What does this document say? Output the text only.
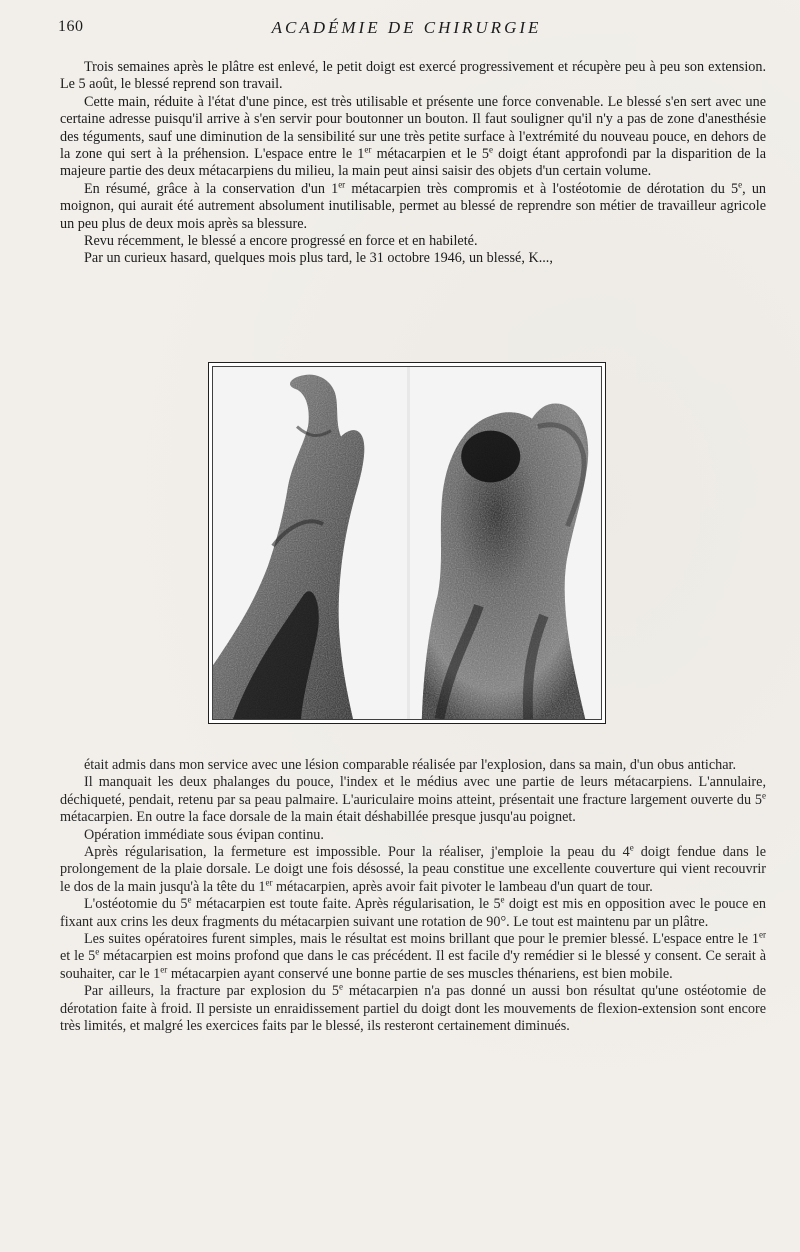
160	ACADÉMIE DE CHIRURGIE

Trois semaines après le plâtre est enlevé, le petit doigt est exercé progressivement et récupère peu à peu son extension. Le 5 août, le blessé reprend son travail.

Cette main, réduite à l'état d'une pince, est très utilisable et présente une force convenable. Le blessé s'en sert avec une certaine adresse puisqu'il arrive à s'en servir pour boutonner un bouton. Il faut souligner qu'il n'y a pas de zone d'anesthésie des téguments, sauf une diminution de la sensibilité sur une très petite surface à l'extrémité du nouveau pouce, en dehors de la zone qui sert à la préhension. L'espace entre le 1er métacarpien et le 5e doigt étant approfondi par la disparition de la majeure partie des deux métacarpiens du milieu, la main peut ainsi saisir des objets d'un certain volume.

En résumé, grâce à la conservation d'un 1er métacarpien très compromis et à l'ostéotomie de dérotation du 5e, un moignon, qui aurait été autrement absolument inutilisable, permet au blessé de reprendre son métier de travailleur agricole un peu plus de deux mois après sa blessure.

Revu récemment, le blessé a encore progressé en force et en habileté.

Par un curieux hasard, quelques mois plus tard, le 31 octobre 1946, un blessé, K...,

était admis dans mon service avec une lésion comparable réalisée par l'explosion, dans sa main, d'un obus antichar.

Il manquait les deux phalanges du pouce, l'index et le médius avec une partie de leurs métacarpiens. L'annulaire, déchiqueté, pendait, retenu par sa peau palmaire. L'auriculaire moins atteint, présentait une fracture largement ouverte du 5e métacarpien. En outre la face dorsale de la main était déshabillée presque jusqu'au poignet.

Opération immédiate sous évipan continu.

Après régularisation, la fermeture est impossible. Pour la réaliser, j'emploie la peau du 4e doigt fendue dans le prolongement de la plaie dorsale. Le doigt une fois désossé, la peau constitue une excellente couverture qui vient recouvrir le dos de la main jusqu'à la tête du 1er métacarpien, après avoir fait pivoter le lambeau d'un quart de tour.

L'ostéotomie du 5e métacarpien est toute faite. Après régularisation, le 5e doigt est mis en opposition avec le pouce en fixant aux crins les deux fragments du métacarpien suivant une rotation de 90°. Le tout est maintenu par un plâtre.

Les suites opératoires furent simples, mais le résultat est moins brillant que pour le premier blessé. L'espace entre le 1er et le 5e métacarpien est moins profond que dans le cas précédent. Il est facile d'y remédier si le blessé y consent. Ce serait à souhaiter, car le 1er métacarpien ayant conservé une bonne partie de ses muscles thénariens, est bien mobile.

Par ailleurs, la fracture par explosion du 5e métacarpien n'a pas donné un aussi bon résultat qu'une ostéotomie de dérotation faite à froid. Il persiste un enraidissement partiel du doigt dont les mouvements de flexion-extension sont encore très limités, et malgré les exercices faits par le blessé, ils resteront certainement diminués.
